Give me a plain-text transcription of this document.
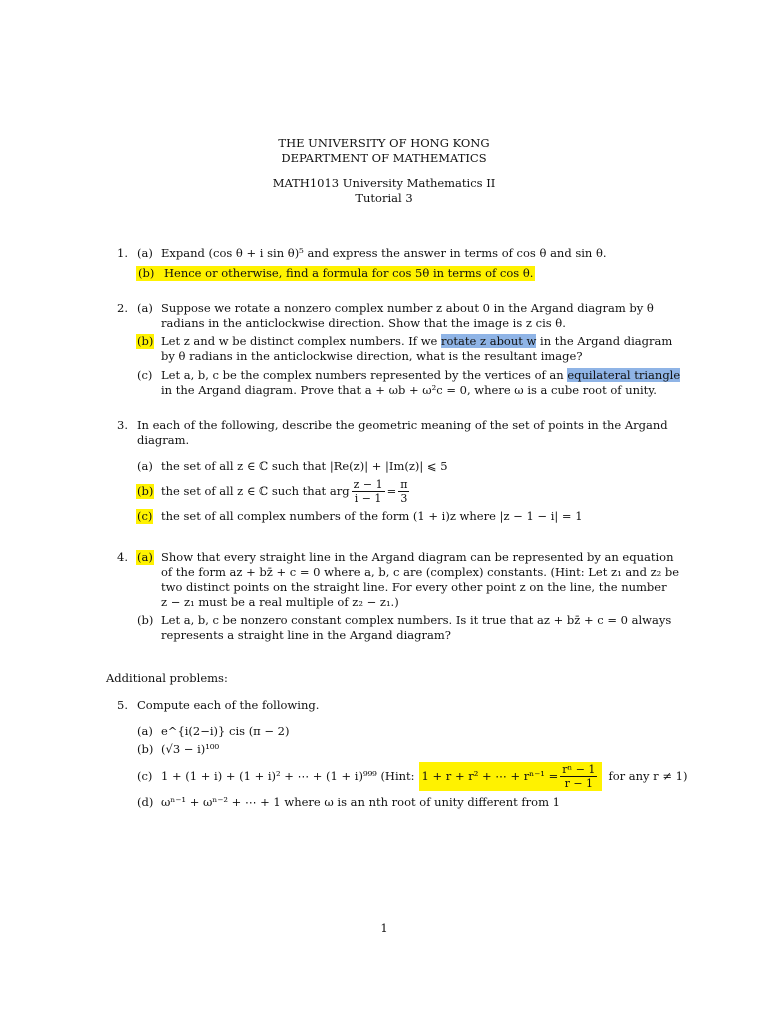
THE UNIVERSITY OF HONG KONG
DEPARTMENT OF MATHEMATICS
MATH1013 University Mathematics II
Tutorial 3
1. (a) Expand (cos θ + i sin θ)⁵ and express the answer in terms of cos θ and sin θ.
(b) Hence or otherwise, find a formula for cos 5θ in terms of cos θ.
2. (a) Suppose we rotate a nonzero complex number z about 0 in the Argand diagram by θ
radians in the anticlockwise direction. Show that the image is z cis θ.
(b) Let z and w be distinct complex numbers. If we rotate z about w in the Argand diagram
by θ radians in the anticlockwise direction, what is the resultant image?
(c) Let a, b, c be the complex numbers represented by the vertices of an equilateral triangle
in the Argand diagram. Prove that a + ωb + ω²c = 0, where ω is a cube root of unity.
3. In each of the following, describe the geometric meaning of the set of points in the Argand
diagram.
(a) the set of all z ∈ ℂ such that |Re(z)| + |Im(z)| ⩽ 5
(b) the set of all z ∈ ℂ such that arg $\frac{z - 1}{i - 1} = \frac{\pi}{3}$
(c) the set of all complex numbers of the form (1 + i)z where |z − 1 − i| = 1
4. (a) Show that every straight line in the Argand diagram can be represented by an equation
of the form az + bz̄ + c = 0 where a, b, c are (complex) constants. (Hint: Let z₁ and z₂ be
two distinct points on the straight line. For every other point z on the line, the number
z − z₁ must be a real multiple of z₂ − z₁.)
(b) Let a, b, c be nonzero constant complex numbers. Is it true that az + bz̄ + c = 0 always
represents a straight line in the Argand diagram?
Additional problems:
5. Compute each of the following.
(a) e^{i(2−i)} cis (π − 2)
(b) (√3 − i)¹⁰⁰
(c) 1 + (1 + i) + (1 + i)² + ⋯ + (1 + i)⁹⁹⁹ (Hint: 1 + r + r² + ⋯ + $r^{n-1} = \frac{\text{rⁿ − 1}}{r - 1}$ for any r ≠ 1)
(d) ωⁿ⁻¹ + ωⁿ⁻² + ⋯ + 1 where ω is an nth root of unity different from 1
1
